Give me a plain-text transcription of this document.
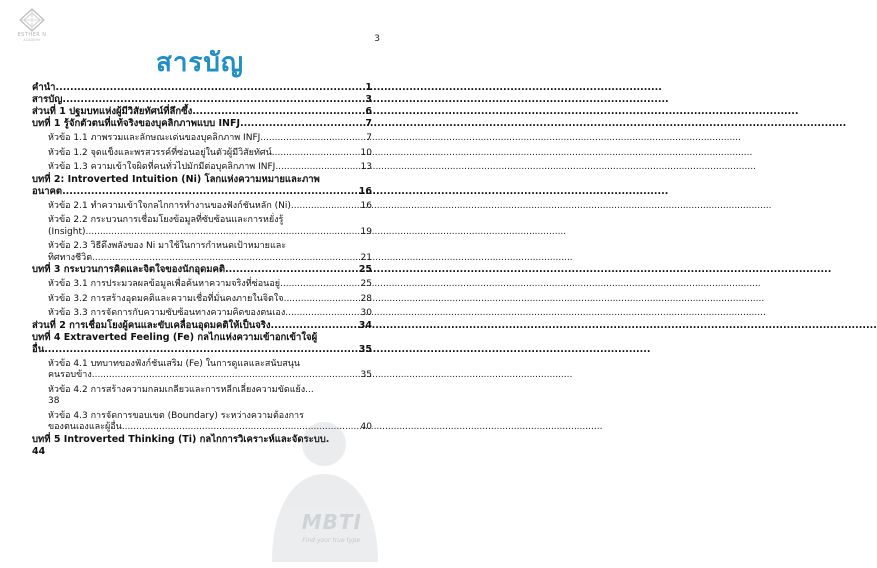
ESTHER N
ACADEMY	3
สารบัญ
คำนำ .....	1
สารบัญ .....	3
ส่วนที่ 1 ปฐมบทแห่งผู้มีวิสัยทัศน์ที่ลึกซึ้ง .....	6
บทที่ 1 รู้จักตัวตนที่แท้จริงของบุคลิกภาพแบบ INFJ .....	7
หัวข้อ 1.1 ภาพรวมและลักษณะเด่นของบุคลิกภาพ INFJ .....	7
หัวข้อ 1.2 จุดแข็งและพรสวรรค์ที่ซ่อนอยู่ในตัวผู้มีวิสัยทัศน์ .....	10
หัวข้อ 1.3 ความเข้าใจผิดที่คนทั่วไปมักมีต่อบุคลิกภาพ INFJ .....	13
บทที่ 2: Introverted Intuition (Ni) โลกแห่งความหมายและภาพ
อนาคต .....	16
หัวข้อ 2.1 ทำความเข้าใจกลไกการทำงานของฟังก์ชันหลัก (Ni) .....	16
หัวข้อ 2.2 กระบวนการเชื่อมโยงข้อมูลที่ซับซ้อนและการหยั่งรู้
(Insight) .....	19
หัวข้อ 2.3 วิธีดึงพลังของ Ni มาใช้ในการกำหนดเป้าหมายและ
ทิศทางชีวิต .....	21
บทที่ 3 กระบวนการคิดและจิตใจของนักอุดมคติ .....	25
หัวข้อ 3.1 การประมวลผลข้อมูลเพื่อค้นหาความจริงที่ซ่อนอยู่ .....	25
หัวข้อ 3.2 การสร้างอุดมคติและความเชื่อที่มั่นคงภายในจิตใจ .....	28
หัวข้อ 3.3 การจัดการกับความซับซ้อนทางความคิดของตนเอง .....	30
ส่วนที่ 2 การเชื่อมโยงผู้คนและขับเคลื่อนอุดมคติให้เป็นจริง .....	34
บทที่ 4 Extraverted Feeling (Fe) กลไกแห่งความเข้าอกเข้าใจผู้
อื่น .....	35
หัวข้อ 4.1 บทบาทของฟังก์ชันเสริม (Fe) ในการดูแลและสนับสนุน
คนรอบข้าง .....	35
หัวข้อ 4.2 การสร้างความกลมเกลียวและการหลีกเลี่ยงความขัดแย้ง...
38
หัวข้อ 4.3 การจัดการขอบเขต (Boundary) ระหว่างความต้องการ
ของตนเองและผู้อื่น .....	40
บทที่ 5 Introverted Thinking (Ti) กลไกการวิเคราะห์และจัดระบบ.
44
MBTI
Find your true type
